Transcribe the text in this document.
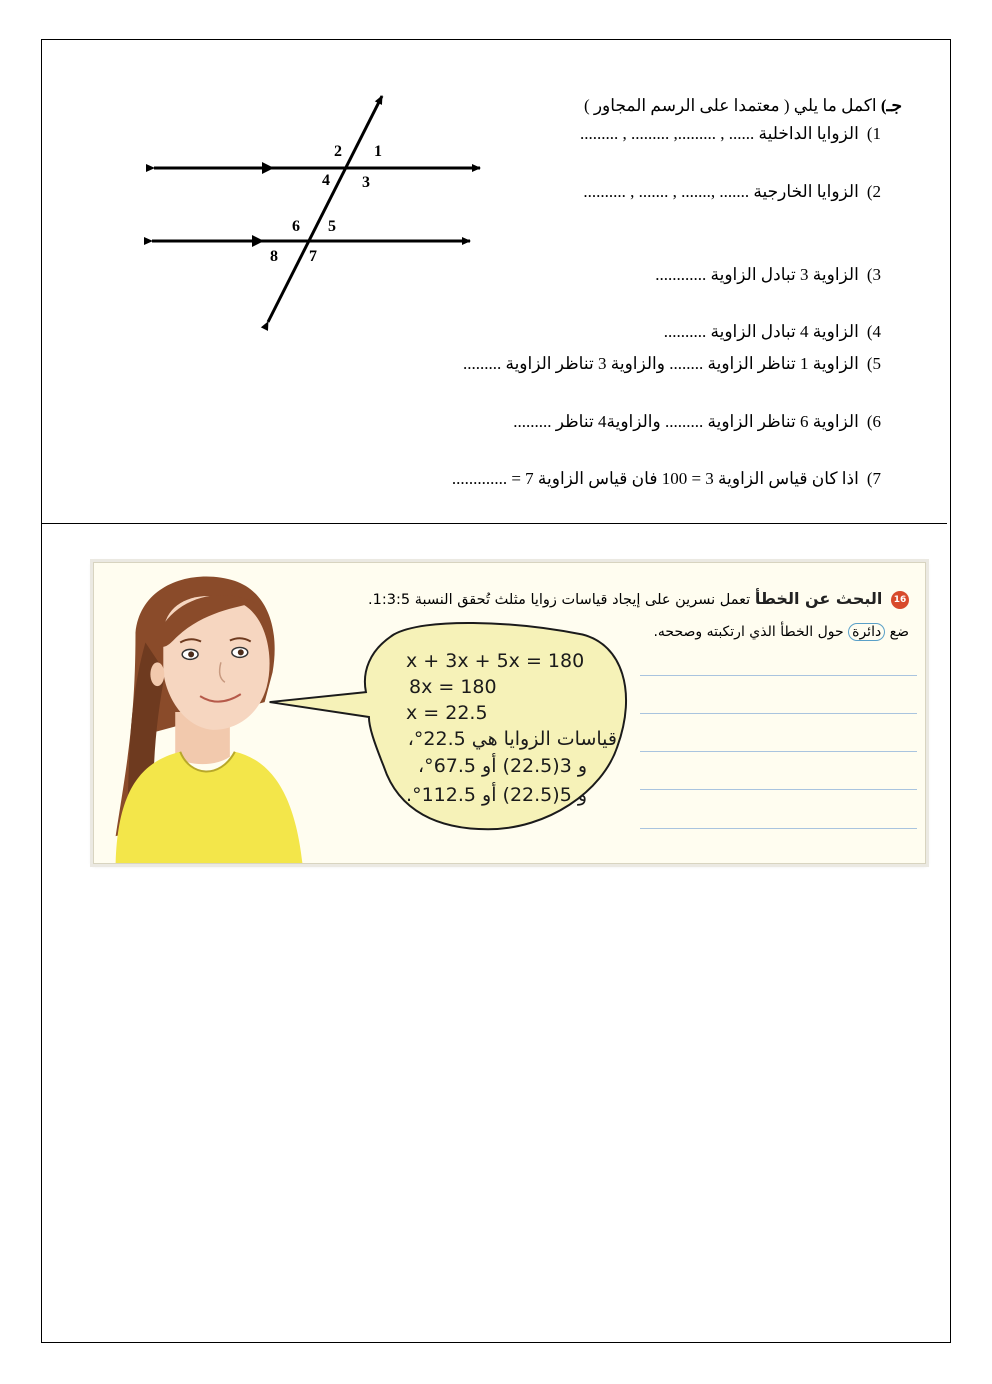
جـ) اكمل ما يلي ( معتمدا على الرسم المجاور )
1)الزوايا الداخلية ...... , ........., ......... , .........
2)الزوايا الخارجية ....... ,....... , ....... , ..........
3)الزاوية 3 تبادل الزاوية ............
4)الزاوية 4 تبادل الزاوية ..........
5)الزاوية 1 تناظر الزاوية ........ والزاوية 3 تناظر الزاوية .........
6)الزاوية 6 تناظر الزاوية ......... والزاوية4 تناظر .........
7)اذا كان قياس الزاوية 3 = 100 فان قياس الزاوية 7 = .............
2 1
4 3
6 5
8 7
16 البحث عن الخطأ تعمل نسرين على إيجاد قياسات زوايا مثلث تُحقق النسبة 1:3:5.
ضع دائرة حول الخطأ الذي ارتكبته وصححه.
x + 3x + 5x = 180
8x = 180
x = 22.5
قياسات الزوايا هي 22.5°،
و 3(22.5) أو 67.5°،
و 5(22.5) أو 112.5°.
